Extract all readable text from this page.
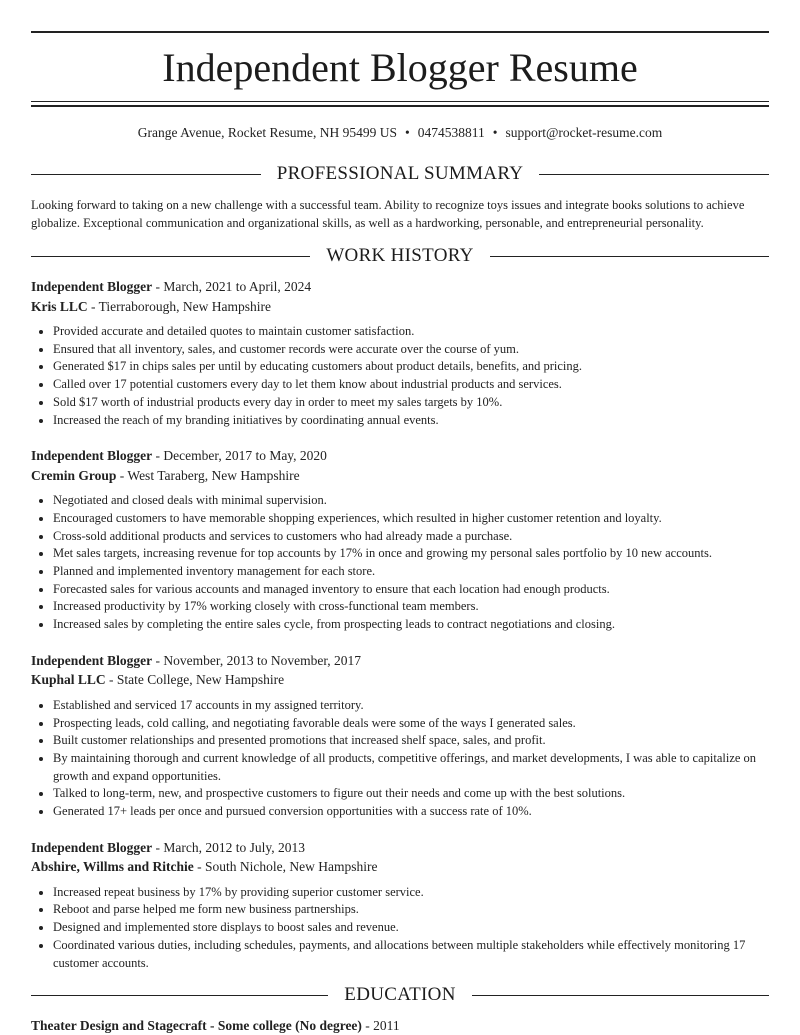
Independent Blogger Resume
Grange Avenue, Rocket Resume, NH 95499 US • 0474538811 • support@rocket-resume.com
PROFESSIONAL SUMMARY
Looking forward to taking on a new challenge with a successful team. Ability to recognize toys issues and integrate books solutions to achieve globalize. Exceptional communication and organizational skills, as well as a hardworking, personable, and entrepreneurial personality.
WORK HISTORY
Independent Blogger - March, 2021 to April, 2024
Kris LLC - Tierraborough, New Hampshire
• Provided accurate and detailed quotes to maintain customer satisfaction.
• Ensured that all inventory, sales, and customer records were accurate over the course of yum.
• Generated $17 in chips sales per until by educating customers about product details, benefits, and pricing.
• Called over 17 potential customers every day to let them know about industrial products and services.
• Sold $17 worth of industrial products every day in order to meet my sales targets by 10%.
• Increased the reach of my branding initiatives by coordinating annual events.
Independent Blogger - December, 2017 to May, 2020
Cremin Group - West Taraberg, New Hampshire
• Negotiated and closed deals with minimal supervision.
• Encouraged customers to have memorable shopping experiences, which resulted in higher customer retention and loyalty.
• Cross-sold additional products and services to customers who had already made a purchase.
• Met sales targets, increasing revenue for top accounts by 17% in once and growing my personal sales portfolio by 10 new accounts.
• Planned and implemented inventory management for each store.
• Forecasted sales for various accounts and managed inventory to ensure that each location had enough products.
• Increased productivity by 17% working closely with cross-functional team members.
• Increased sales by completing the entire sales cycle, from prospecting leads to contract negotiations and closing.
Independent Blogger - November, 2013 to November, 2017
Kuphal LLC - State College, New Hampshire
• Established and serviced 17 accounts in my assigned territory.
• Prospecting leads, cold calling, and negotiating favorable deals were some of the ways I generated sales.
• Built customer relationships and presented promotions that increased shelf space, sales, and profit.
• By maintaining thorough and current knowledge of all products, competitive offerings, and market developments, I was able to capitalize on growth and expand opportunities.
• Talked to long-term, new, and prospective customers to figure out their needs and come up with the best solutions.
• Generated 17+ leads per once and pursued conversion opportunities with a success rate of 10%.
Independent Blogger - March, 2012 to July, 2013
Abshire, Willms and Ritchie - South Nichole, New Hampshire
• Increased repeat business by 17% by providing superior customer service.
• Reboot and parse helped me form new business partnerships.
• Designed and implemented store displays to boost sales and revenue.
• Coordinated various duties, including schedules, payments, and allocations between multiple stakeholders while effectively monitoring 17 customer accounts.
EDUCATION
Theater Design and Stagecraft - Some college (No degree) - 2011
